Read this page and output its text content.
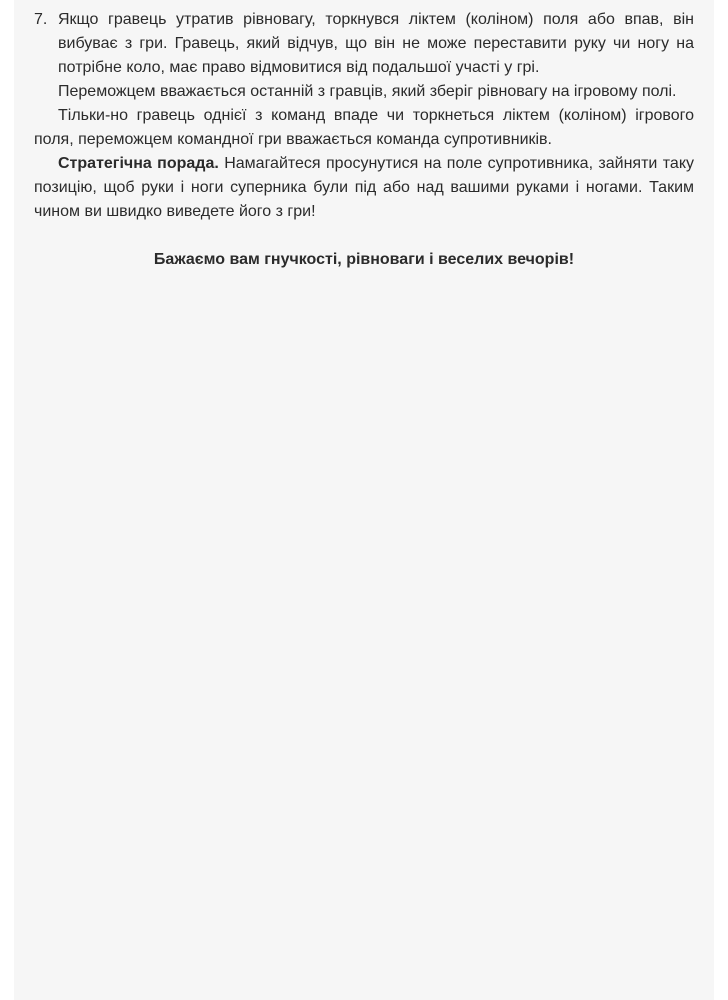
7. Якщо гравець утратив рівновагу, торкнувся ліктем (коліном) поля або впав, він вибуває з гри. Гравець, який відчув, що він не може переставити руку чи ногу на потрібне коло, має право відмовитися від подальшої участі у грі.

Переможцем вважається останній з гравців, який зберіг рівновагу на ігровому полі.

Тільки-но гравець однієї з команд впаде чи торкнеться ліктем (коліном) ігрового поля, переможцем командної гри вважається команда супротивників.

Стратегічна порада. Намагайтеся просунутися на поле супротивника, зайняти таку позицію, щоб руки і ноги суперника були під або над вашими руками і ногами. Таким чином ви швидко виведете його з гри!

Бажаємо вам гнучкості, рівноваги і веселих вечорів!
